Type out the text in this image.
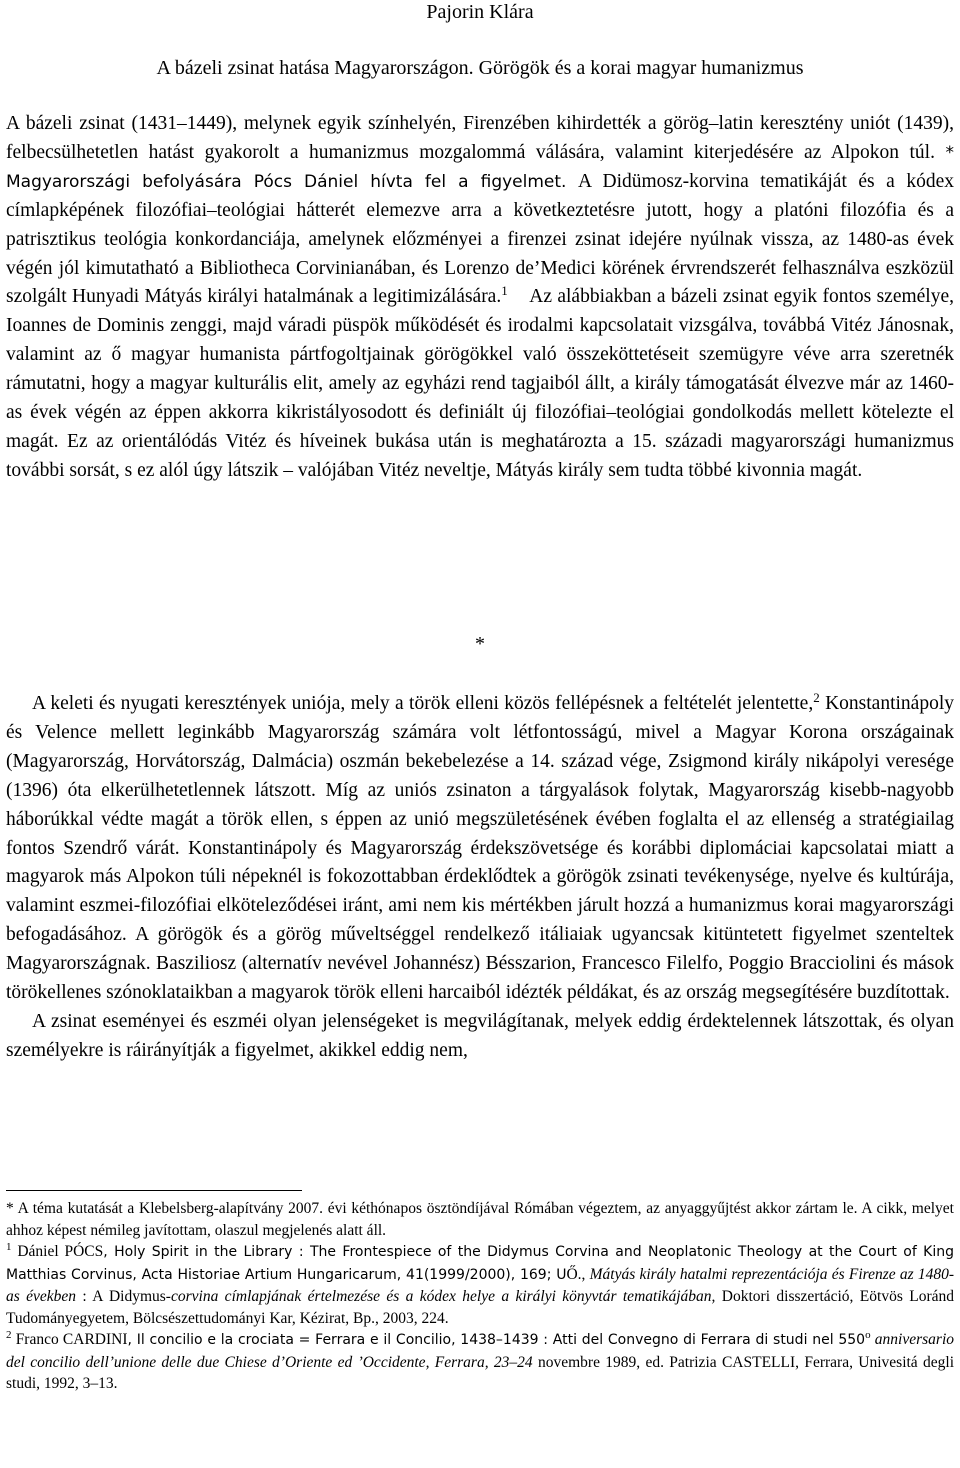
Pajorin Klára
A bázeli zsinat hatása Magyarországon. Görögök és a korai magyar humanizmus

A bázeli zsinat (1431–1449), melynek egyik színhelyén, Firenzében kihirdették a görög–latin keresztény uniót (1439), felbecsülhetetlen hatást gyakorolt a humanizmus mozgalommá válására, valamint kiterjedésére az Alpokon túl. * Magyarországi befolyására Pócs Dániel hívta fel a figyelmet. A Didümosz-korvina tematikáját és a kódex címlapképének filozófiai–teológiai hátterét elemezve arra a következtetésre jutott, hogy a platóni filozófia és a patrisztikus teológia konkordanciája, amelynek előzményei a firenzei zsinat idejére nyúlnak vissza, az 1480-as évek végén jól kimutatható a Bibliotheca Corvinianában, és Lorenzo de’Medici körének érvrendszerét felhasználva eszközül szolgált Hunyadi Mátyás királyi hatalmának a legitimizálására.$^1$ Az alábbiakban a bázeli zsinat egyik fontos személye, Ioannes de Dominis zenggi, majd váradi püspök működését és irodalmi kapcsolatait vizsgálva, továbbá Vitéz Jánosnak, valamint az ő magyar humanista pártfogoltjainak görögökkel való összeköttetéseit szemügyre véve arra szeretnék rámutatni, hogy a magyar kulturális elit, amely az egyházi rend tagjaiból állt, a király támogatását élvezve már az 1460-as évek végén az éppen akkorra kikristályosodott és definiált új filozófiai–teológiai gondolkodás mellett kötelezte el magát. Ez az orientálódás Vitéz és híveinek bukása után is meghatározta a 15. századi magyarországi humanizmus további sorsát, s ez alól úgy látszik – valójában Vitéz neveltje, Mátyás király sem tudta többé kivonnia magát.

*

A keleti és nyugati keresztények uniója, mely a török elleni közös fellépésnek a feltételét jelentette,$^2$ Konstantinápoly és Velence mellett leginkább Magyarország számára volt létfontosságú, mivel a Magyar Korona országainak (Magyarország, Horvátország, Dalmácia) oszmán bekebelezése a 14. század vége, Zsigmond király nikápolyi veresége (1396) óta elkerülhetetlennek látszott. Míg az uniós zsinaton a tárgyalások folytak, Magyarország kisebb-nagyobb háborúkkal védte magát a török ellen, s éppen az unió megszületésének évében foglalta el az ellenség a stratégiailag fontos Szendrő várát. Konstantinápoly és Magyarország érdekszövetsége és korábbi diplomáciai kapcsolatai miatt a magyarok más Alpokon túli népeknél is fokozottabban érdeklődtek a görögök zsinati tevékenysége, nyelve és kultúrája, valamint eszmei-filozófiai elköteleződései iránt, ami nem kis mértékben járult hozzá a humanizmus korai magyarországi befogadásához. A görögök és a görög műveltséggel rendelkező itáliaiak ugyancsak kitüntetett figyelmet szenteltek Magyarországnak. Basziliosz (alternatív nevével Johannész) Bésszarion, Francesco Filelfo, Poggio Bracciolini és mások törökellenes szónoklataikban a magyarok török elleni harcaiból idézték példákat, és az ország megsegítésére buzdítottak.

A zsinat eseményei és eszméi olyan jelenségeket is megvilágítanak, melyek eddig érdektelennek látszottak, és olyan személyekre is ráirányítják a figyelmet, akikkel eddig nem,

* A téma kutatását a Klebelsberg-alapítvány 2007. évi kéthónapos ösztöndíjával Rómában végeztem, az anyaggyűjtést akkor zártam le. A cikk, melyet ahhoz képest némileg javítottam, olaszul megjelenés alatt áll.

$^1$ Dániel PÓCS, Holy Spirit in the Library : The Frontespiece of the Didymus Corvina and Neoplatonic Theology at the Court of King Matthias Corvinus, Acta Historiae Artium Hungaricarum, 41(1999/2000), 169; UŐ., Mátyás király hatalmi reprezentációja és Firenze az 1480-as években : A Didymus-corvina címlapjának értelmezése és a kódex helye a királyi könyvtár tematikájában, Doktori disszertáció, Eötvös Loránd Tudományegyetem, Bölcsészettudományi Kar, Kézirat, Bp., 2003, 224.

$^2$ Franco CARDINI, Il concilio e la crociata = Ferrara e il Concilio, 1438–1439 : Atti del Convegno di Ferrara di studi nel 550$^o$ anniversario del concilio dell’unione delle due Chiese d’Oriente ed ’Occidente, Ferrara, 23–24 novembre 1989, ed. Patrizia CASTELLI, Ferrara, Univesitá degli studi, 1992, 3–13.
